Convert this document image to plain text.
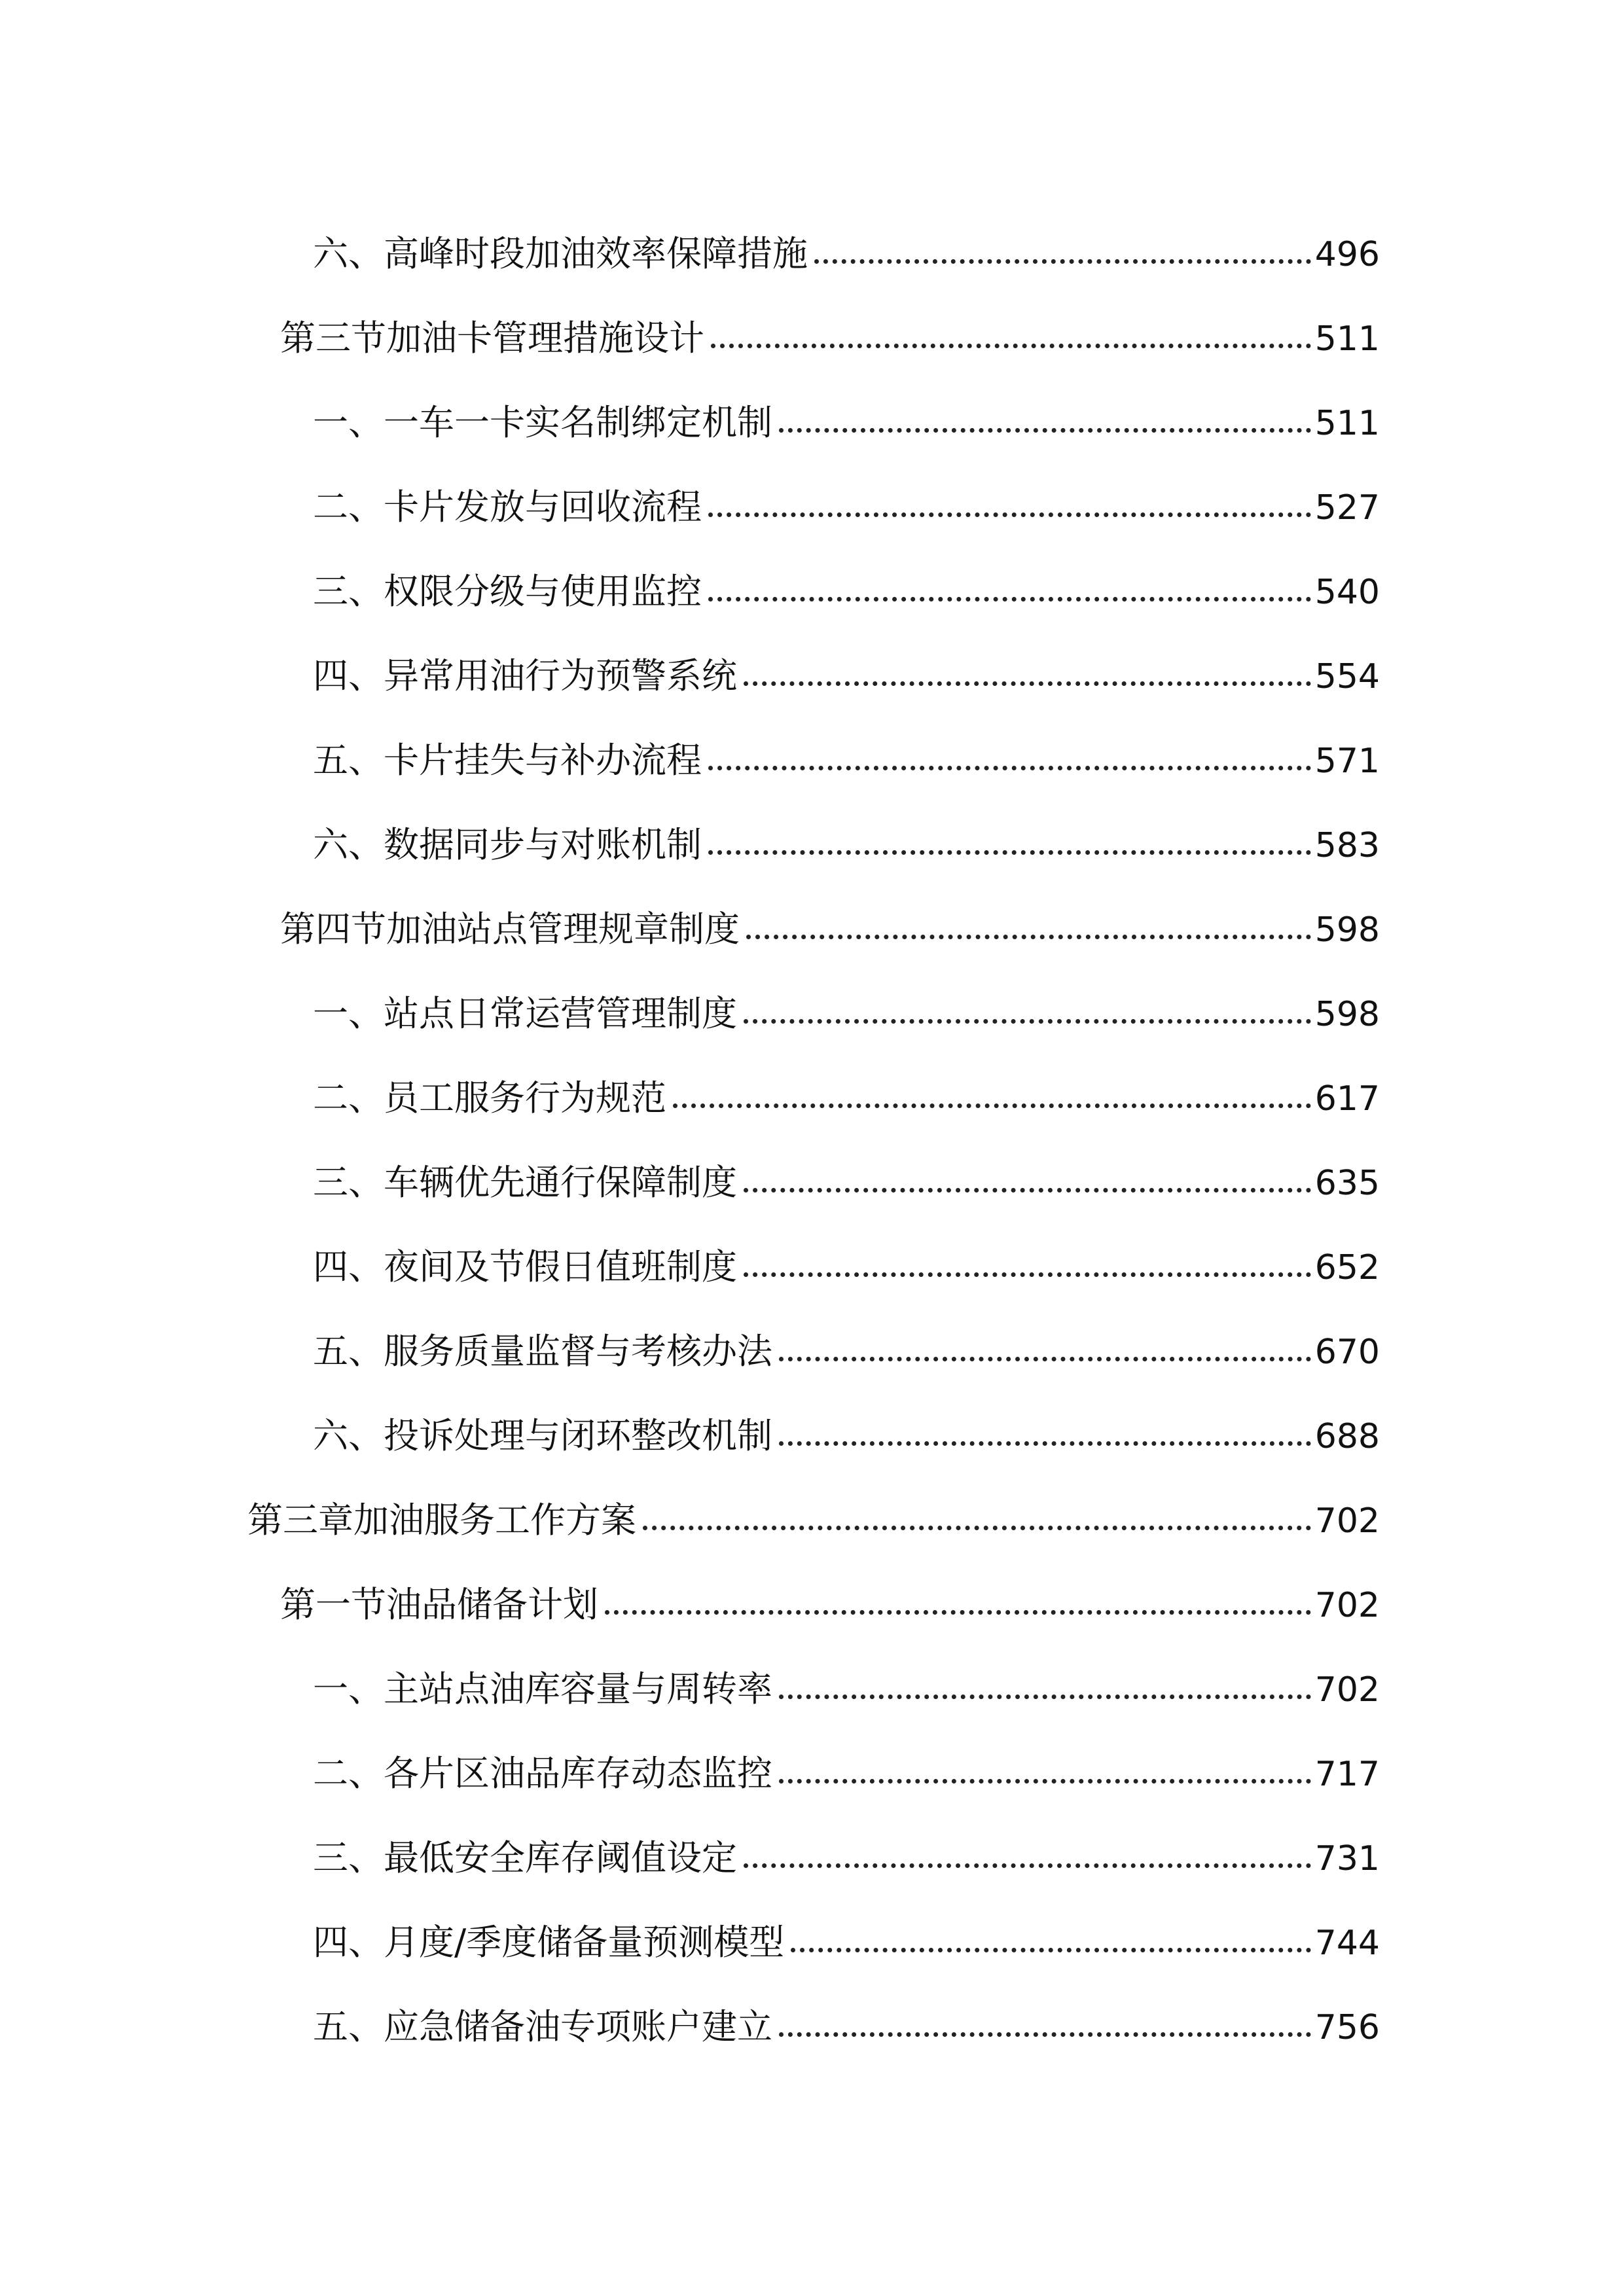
六、高峰时段加油效率保障措施	496
第三节加油卡管理措施设计	511
一、一车一卡实名制绑定机制	511
二、卡片发放与回收流程	527
三、权限分级与使用监控	540
四、异常用油行为预警系统	554
五、卡片挂失与补办流程	571
六、数据同步与对账机制	583
第四节加油站点管理规章制度	598
一、站点日常运营管理制度	598
二、员工服务行为规范	617
三、车辆优先通行保障制度	635
四、夜间及节假日值班制度	652
五、服务质量监督与考核办法	670
六、投诉处理与闭环整改机制	688
第三章加油服务工作方案	702
第一节油品储备计划	702
一、主站点油库容量与周转率	702
二、各片区油品库存动态监控	717
三、最低安全库存阈值设定	731
四、月度/季度储备量预测模型	744
五、应急储备油专项账户建立	756
